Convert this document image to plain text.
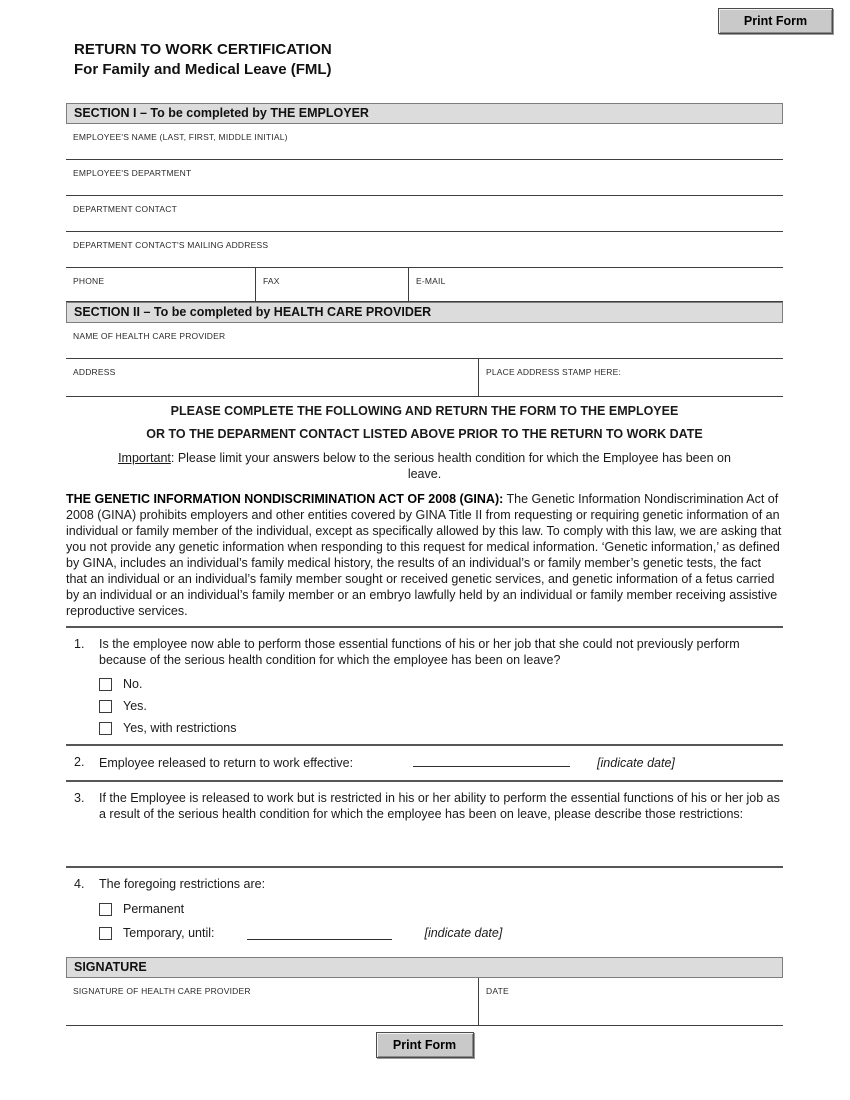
Print Form
RETURN TO WORK CERTIFICATION
For Family and Medical Leave (FML)
SECTION I – To be completed by THE EMPLOYER
EMPLOYEE'S NAME (LAST, FIRST, MIDDLE INITIAL)
EMPLOYEE'S DEPARTMENT
DEPARTMENT CONTACT
DEPARTMENT CONTACT'S MAILING ADDRESS
PHONE	FAX	E-MAIL
SECTION II – To be completed by HEALTH CARE PROVIDER
NAME OF HEALTH CARE PROVIDER
ADDRESS	PLACE ADDRESS STAMP HERE:
PLEASE COMPLETE THE FOLLOWING AND RETURN THE FORM TO THE EMPLOYEE
OR TO THE DEPARMENT CONTACT LISTED ABOVE PRIOR TO THE RETURN TO WORK DATE
Important: Please limit your answers below to the serious health condition for which the Employee has been on leave.
THE GENETIC INFORMATION NONDISCRIMINATION ACT OF 2008 (GINA): The Genetic Information Nondiscrimination Act of 2008 (GINA) prohibits employers and other entities covered by GINA Title II from requesting or requiring genetic information of an individual or family member of the individual, except as specifically allowed by this law. To comply with this law, we are asking that you not provide any genetic information when responding to this request for medical information. ‘Genetic information,’ as defined by GINA, includes an individual’s family medical history, the results of an individual’s or family member’s genetic tests, the fact that an individual or an individual’s family member sought or received genetic services, and genetic information of a fetus carried by an individual or an individual’s family member or an embryo lawfully held by an individual or family member receiving assistive reproductive services.
1. Is the employee now able to perform those essential functions of his or her job that she could not previously perform because of the serious health condition for which the employee has been on leave?
No.
Yes.
Yes, with restrictions
2. Employee released to return to work effective:	[indicate date]
3. If the Employee is released to work but is restricted in his or her ability to perform the essential functions of his or her job as a result of the serious health condition for which the employee has been on leave, please describe those restrictions:
4. The foregoing restrictions are:
Permanent
Temporary, until:	[indicate date]
SIGNATURE
SIGNATURE OF HEALTH CARE PROVIDER	DATE
Print Form
